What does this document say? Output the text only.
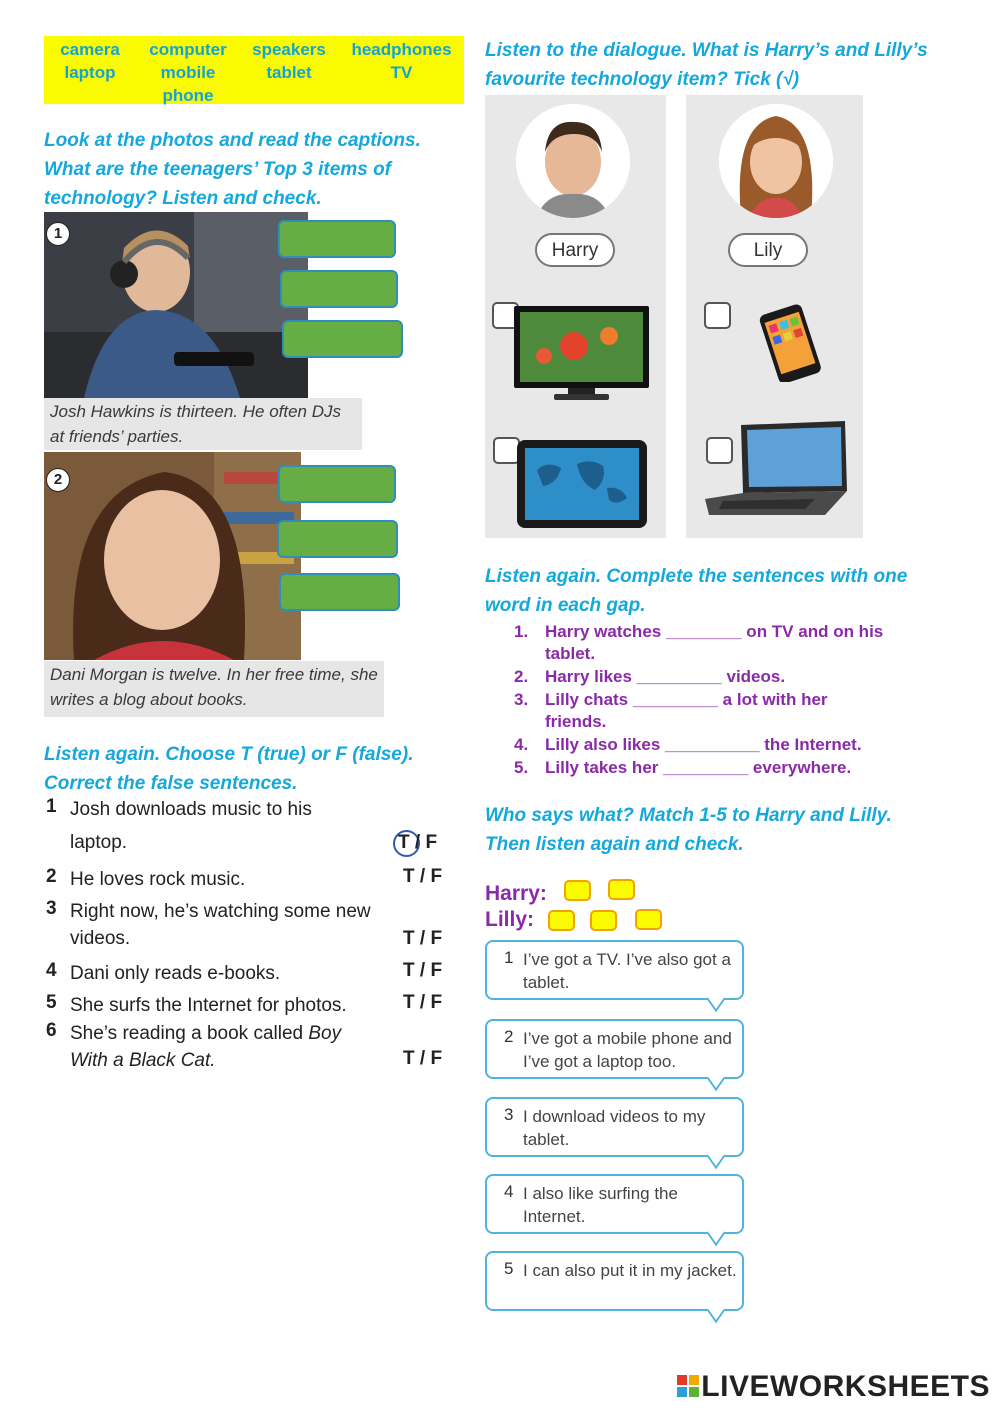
camera	computer	speakers	headphones
laptop	mobile phone
tablet	TV
Look at the photos and read the captions. What are the teenagers’ Top 3 items of technology? Listen and check.
1
Josh Hawkins is thirteen. He often DJs at friends’ parties.
2
Dani Morgan is twelve. In her free time, she writes a blog about books.
Listen again. Choose T (true) or F (false). Correct the false sentences.
1 Josh downloads music to his
laptop.	T / F
2 He loves rock music.	T / F
3 Right now, he’s watching some new
videos.	T / F
4 Dani only reads e-books.	T / F
5 She surfs the Internet for photos.	T / F
6 She’s reading a book called Boy
With a Black Cat.	T / F
Listen to the dialogue. What is Harry’s and Lilly’s favourite technology item? Tick (√)
Harry	Lily
Listen again. Complete the sentences with one word in each gap.
1. Harry watches ________ on TV and on his
tablet.
2. Harry likes _________ videos.
3. Lilly chats _________ a lot with her
friends.
4. Lilly also likes __________ the Internet.
5. Lilly takes her _________ everywhere.
Who says what? Match 1-5 to Harry and Lilly. Then listen again and check.
Harry:
Lilly:
1 I’ve got a TV. I’ve also got a tablet.
2 I’ve got a mobile phone and I’ve got a laptop too.
3 I download videos to my tablet.
4 I also like surfing the Internet.
5 I can also put it in my jacket.
LIVEWORKSHEETS
